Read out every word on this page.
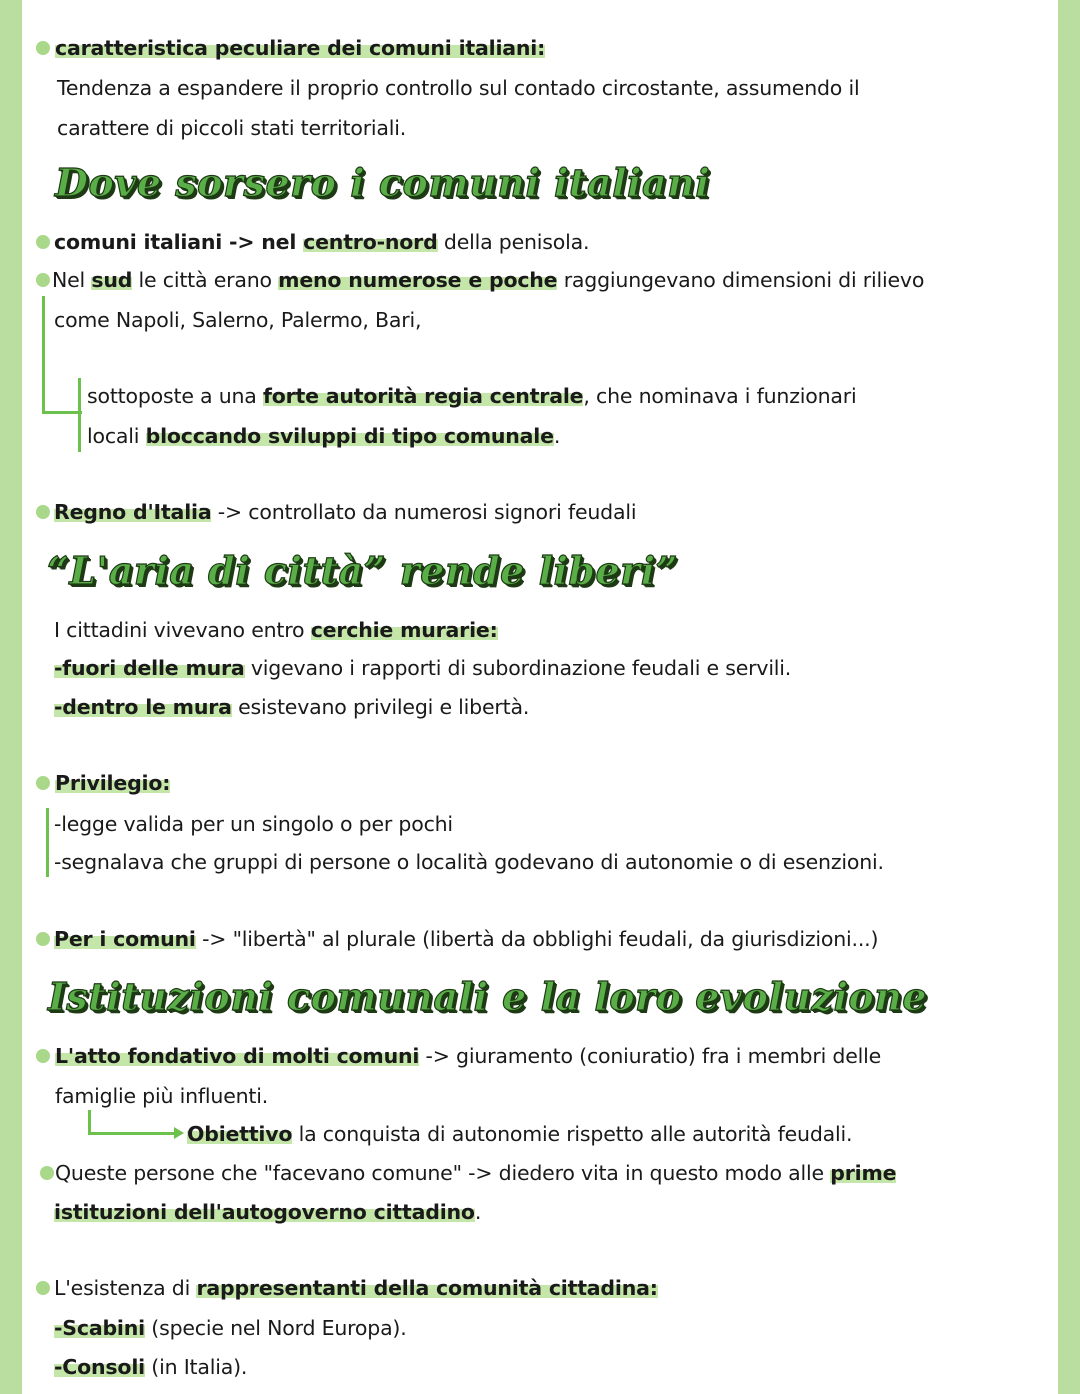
caratteristica peculiare dei comuni italiani:
Tendenza a espandere il proprio controllo sul contado circostante, assumendo il
carattere di piccoli stati territoriali.
Dove sorsero i comuni italiani
comuni italiani -> nel centro-nord della penisola.
Nel sud le città erano meno numerose e poche raggiungevano dimensioni di rilievo
come Napoli, Salerno, Palermo, Bari,
sottoposte a una forte autorità regia centrale, che nominava i funzionari
locali bloccando sviluppi di tipo comunale.
Regno d'Italia -> controllato da numerosi signori feudali
“L'aria di città” rende liberi”
I cittadini vivevano entro cerchie murarie:
-fuori delle mura vigevano i rapporti di subordinazione feudali e servili.
-dentro le mura esistevano privilegi e libertà.
Privilegio:
-legge valida per un singolo o per pochi
-segnalava che gruppi di persone o località godevano di autonomie o di esenzioni.
Per i comuni -> "libertà" al plurale (libertà da obblighi feudali, da giurisdizioni...)
Istituzioni comunali e la loro evoluzione
L'atto fondativo di molti comuni -> giuramento (coniuratio) fra i membri delle
famiglie più influenti.
Obiettivo la conquista di autonomie rispetto alle autorità feudali.
Queste persone che "facevano comune" -> diedero vita in questo modo alle prime
istituzioni dell'autogoverno cittadino.
L'esistenza di rappresentanti della comunità cittadina:
-Scabini (specie nel Nord Europa).
-Consoli (in Italia).
